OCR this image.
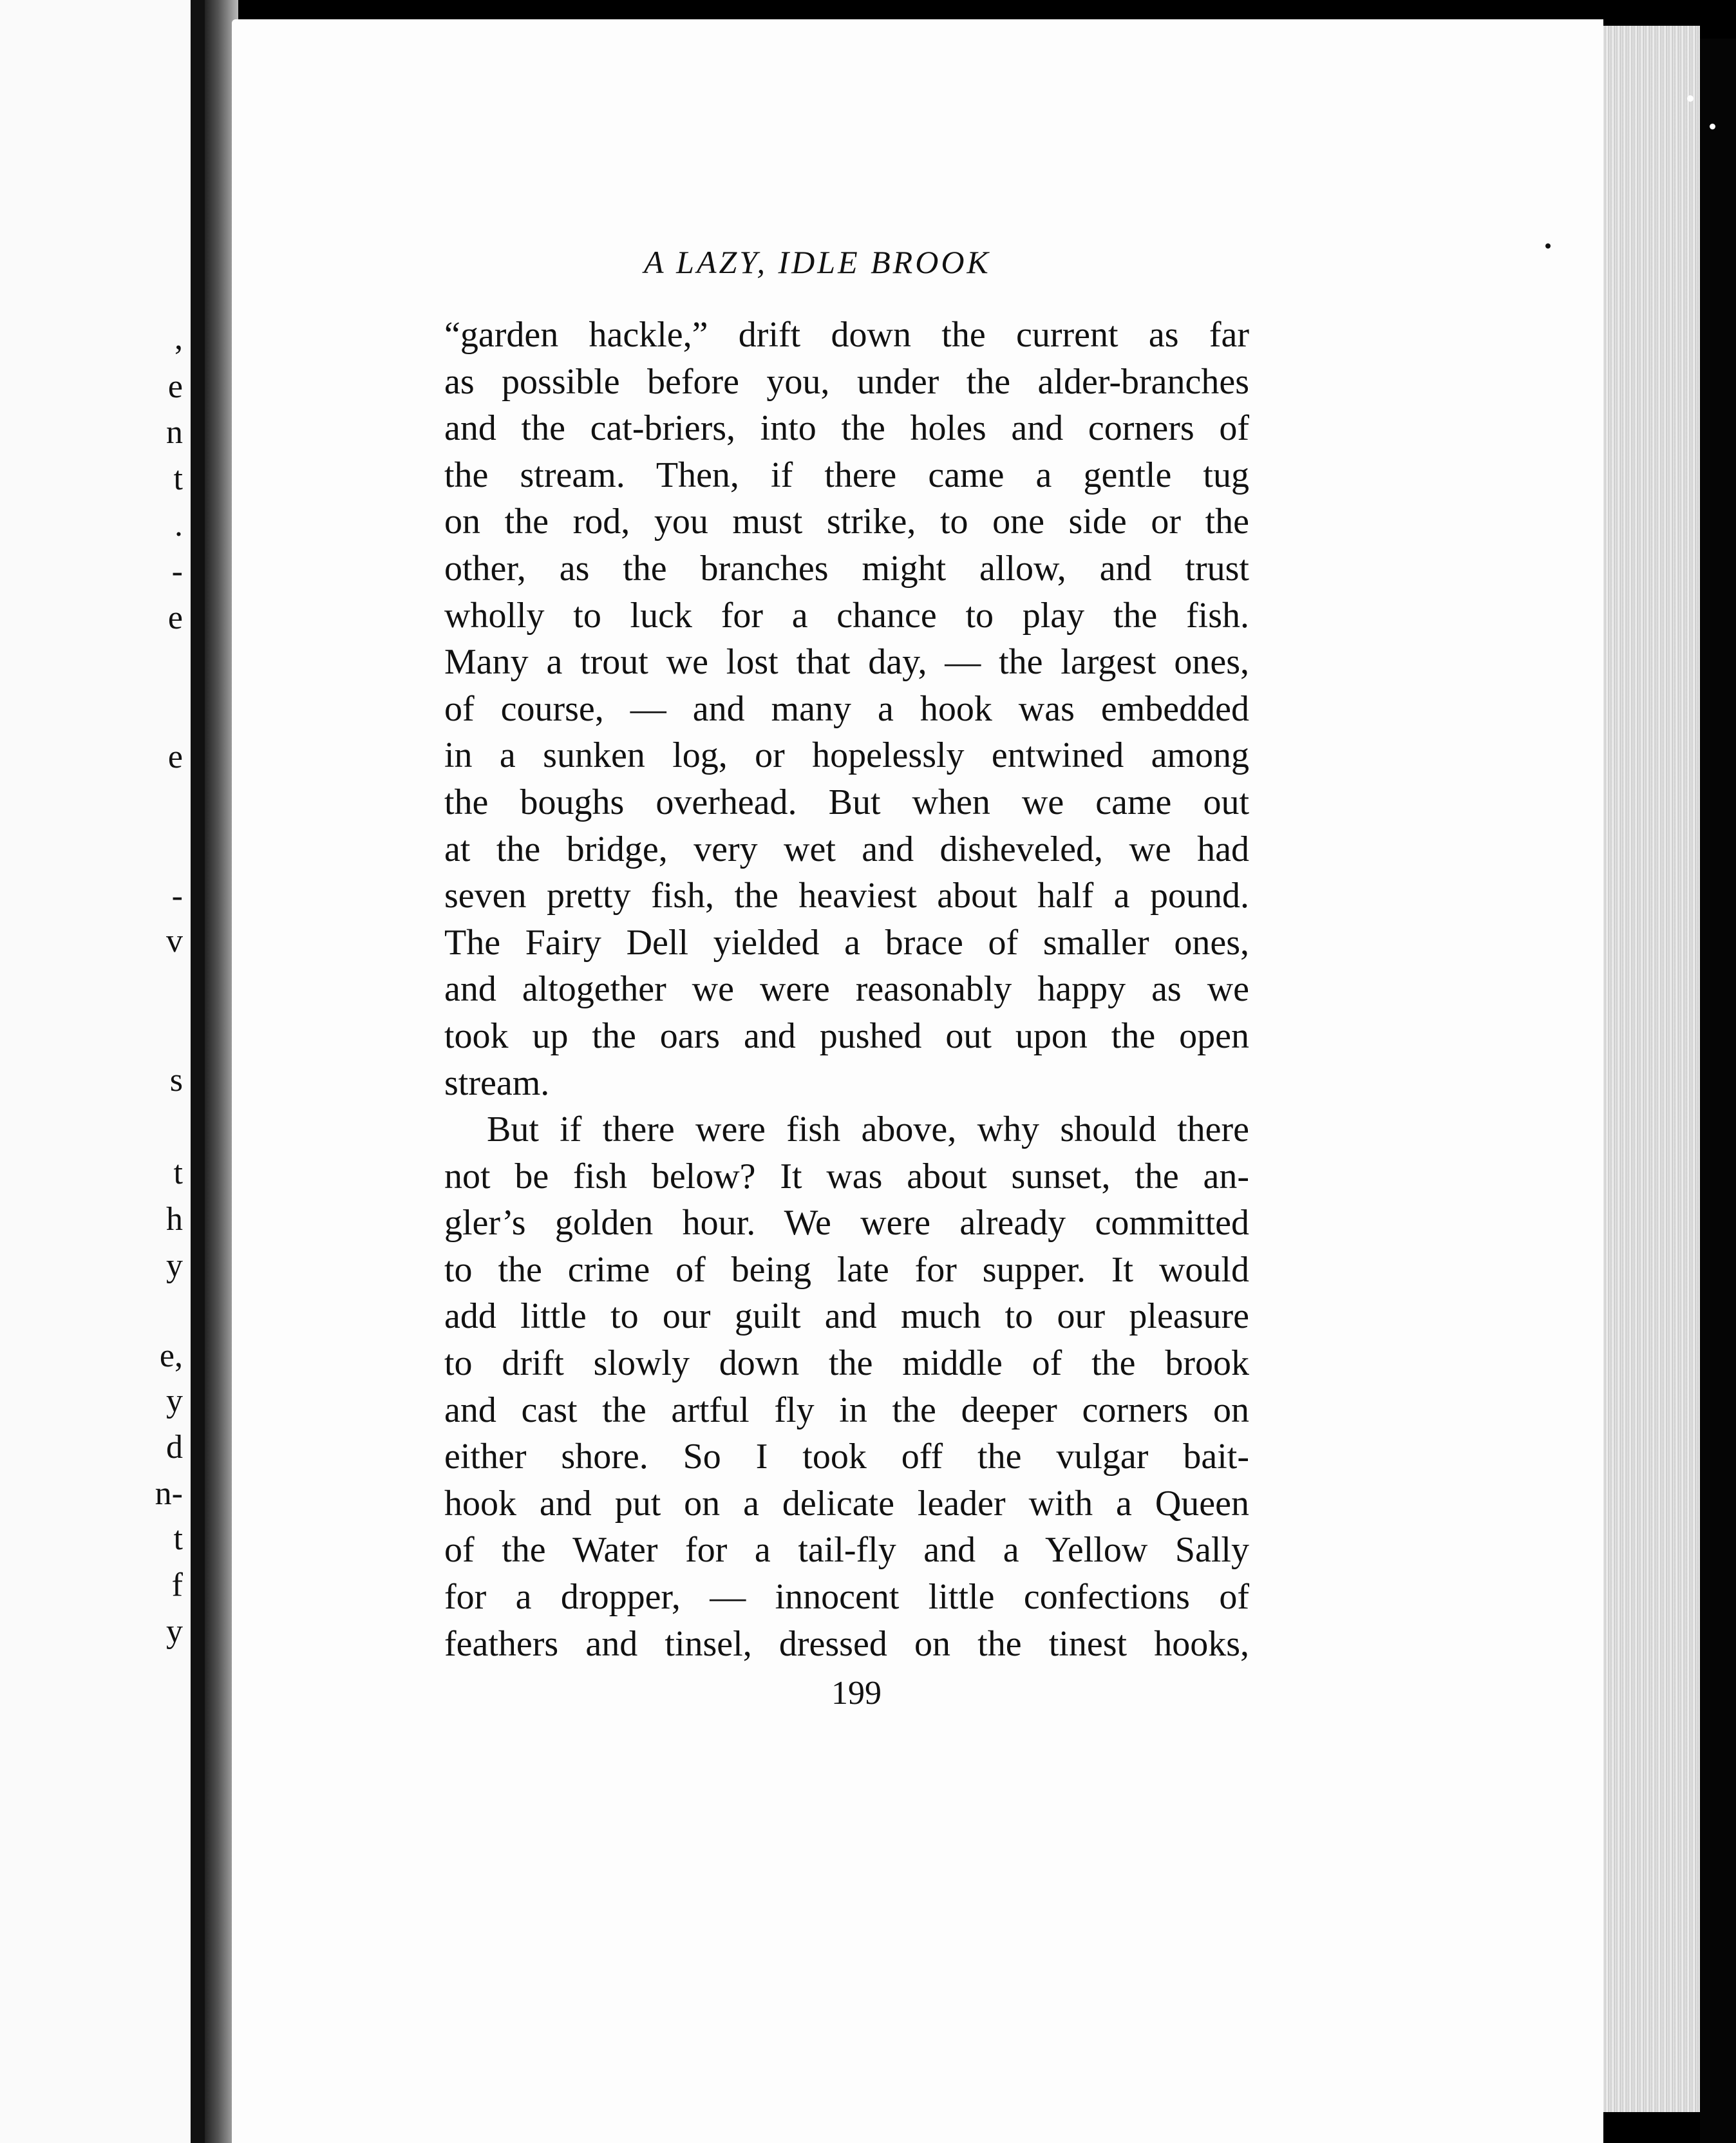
,
e
n
t
.
-
e
e
-
v
s
t
h
y
e,
y
d
n-
t
f
y
A LAZY, IDLE BROOK
“garden hackle,” drift down the current as far
as possible before you, under the alder-branches
and the cat-briers, into the holes and corners of
the stream. Then, if there came a gentle tug
on the rod, you must strike, to one side or the
other, as the branches might allow, and trust
wholly to luck for a chance to play the fish.
Many a trout we lost that day, — the largest ones,
of course, — and many a hook was embedded
in a sunken log, or hopelessly entwined among
the boughs overhead. But when we came out
at the bridge, very wet and disheveled, we had
seven pretty fish, the heaviest about half a pound.
The Fairy Dell yielded a brace of smaller ones,
and altogether we were reasonably happy as we
took up the oars and pushed out upon the open
stream.
But if there were fish above, why should there
not be fish below? It was about sunset, the an-
gler’s golden hour. We were already committed
to the crime of being late for supper. It would
add little to our guilt and much to our pleasure
to drift slowly down the middle of the brook
and cast the artful fly in the deeper corners on
either shore. So I took off the vulgar bait-
hook and put on a delicate leader with a Queen
of the Water for a tail-fly and a Yellow Sally
for a dropper, — innocent little confections of
feathers and tinsel, dressed on the tinest hooks,
199
